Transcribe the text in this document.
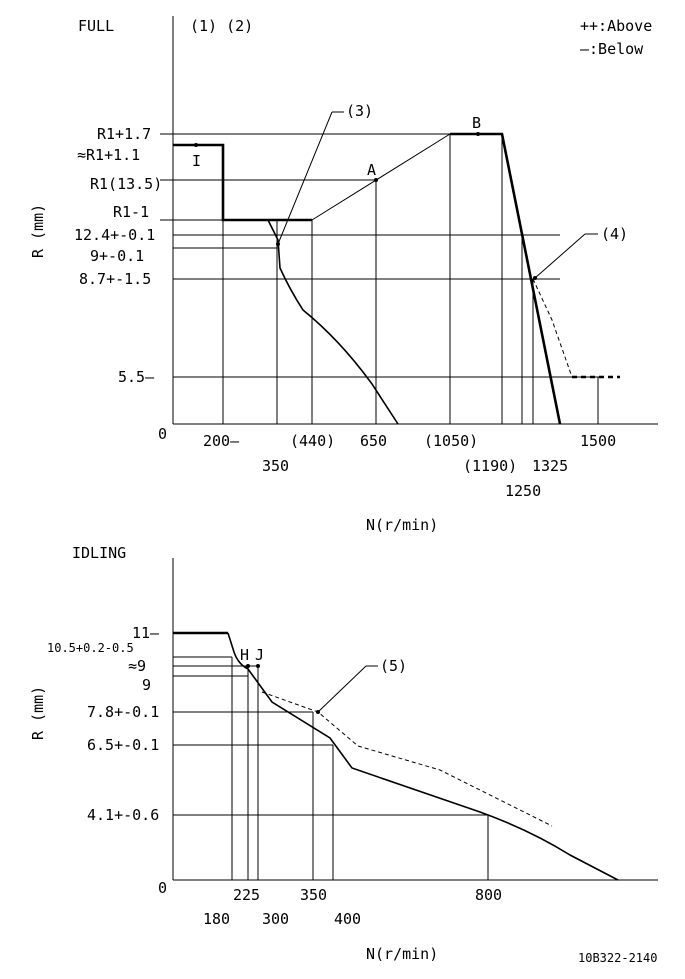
FULL	(1) (2)	++:Above
—:Below
R (mm)
I	A
B
(3)
(4)
R1+1.7
≈R1+1.1
R1(13.5)
R1-1
12.4+-0.1
9+-0.1
8.7+-1.5
5.5—
0 200—	(440) 650 (1050)	1500
350	(1190) 1325
1250
N(r/min)
IDLING
R (mm)
H J
(5)
11—
10.5+0.2-0.5
≈9
9
7.8+-0.1
6.5+-0.1
4.1+-0.6
0	225	350	800
180 300	400
N(r/min)	10B322-2140
